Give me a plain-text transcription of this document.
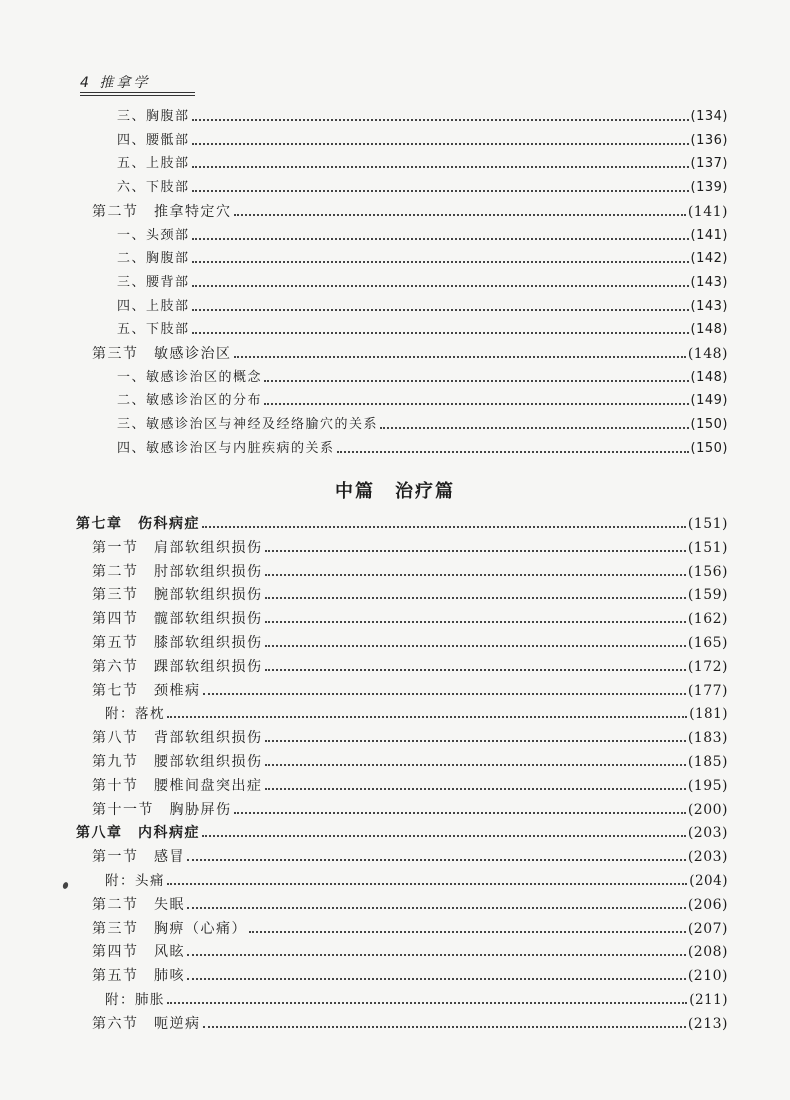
4 推拿学
中篇　治疗篇
三、胸腹部	(134)
四、腰骶部	(136)
五、上肢部	(137)
六、下肢部	(139)
第二节　推拿特定穴	(141)
一、头颈部	(141)
二、胸腹部	(142)
三、腰背部	(143)
四、上肢部	(143)
五、下肢部	(148)
第三节　敏感诊治区	(148)
一、敏感诊治区的概念	(148)
二、敏感诊治区的分布	(149)
三、敏感诊治区与神经及经络腧穴的关系	(150)
四、敏感诊治区与内脏疾病的关系	(150)
第七章　伤科病症	(151)
第一节　肩部软组织损伤	(151)
第二节　肘部软组织损伤	(156)
第三节　腕部软组织损伤	(159)
第四节　髋部软组织损伤	(162)
第五节　膝部软组织损伤	(165)
第六节　踝部软组织损伤	(172)
第七节　颈椎病	(177)
附：落枕	(181)
第八节　背部软组织损伤	(183)
第九节　腰部软组织损伤	(185)
第十节　腰椎间盘突出症	(195)
第十一节　胸胁屏伤	(200)
第八章　内科病症	(203)
第一节　感冒	(203)
附：头痛	(204)
第二节　失眠	(206)
第三节　胸痹（心痛）	(207)
第四节　风眩	(208)
第五节　肺咳	(210)
附：肺胀	(211)
第六节　呃逆病	(213)
